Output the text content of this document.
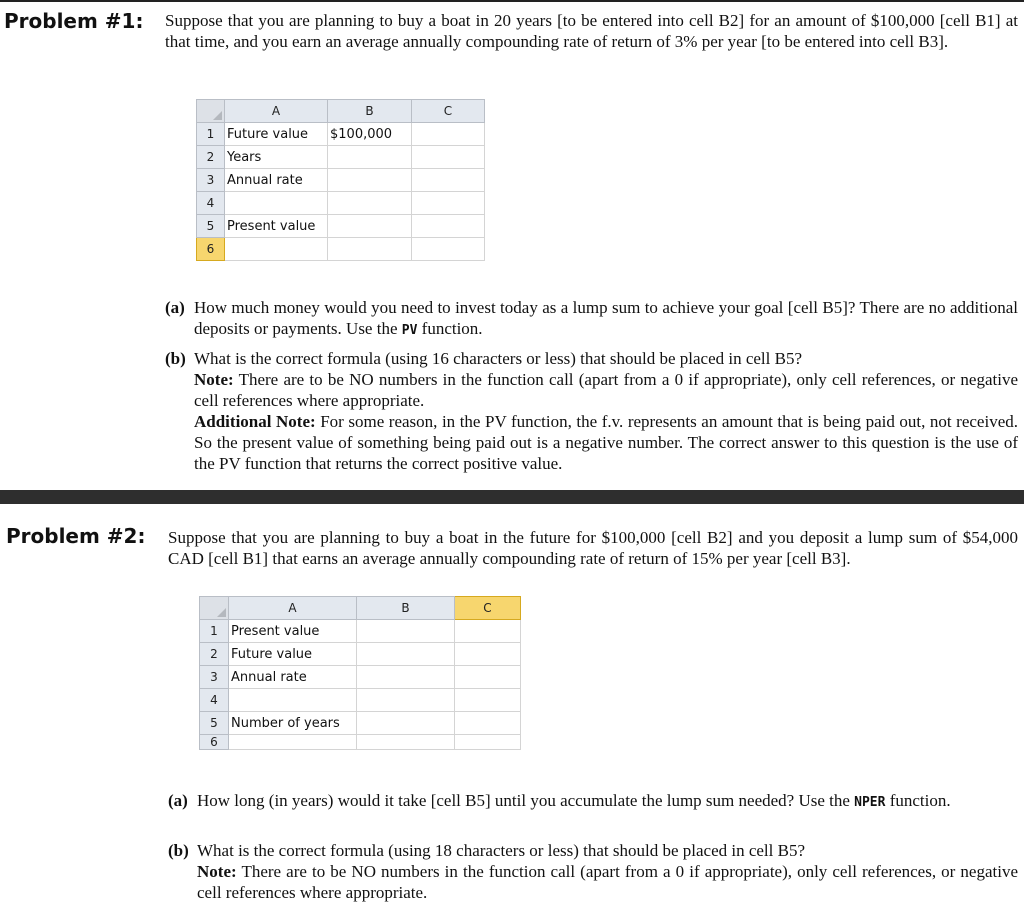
Problem #1: Suppose that you are planning to buy a boat in 20 years [to be entered into cell B2] for an amount of $100,000 [cell B1] at that time, and you earn an average annually compounding rate of return of 3% per year [to be entered into cell B3].

	A	B	C
1	Future value	$100,000	
2	Years		
3	Annual rate		
4			
5	Present value		
6			
(a) How much money would you need to invest today as a lump sum to achieve your goal [cell B5]? There are no additional deposits or payments. Use the PV function.
(b) What is the correct formula (using 16 characters or less) that should be placed in cell B5?
Note: There are to be NO numbers in the function call (apart from a 0 if appropriate), only cell references, or negative cell references where appropriate.
Additional Note: For some reason, in the PV function, the f.v. represents an amount that is being paid out, not received. So the present value of something being paid out is a negative number. The correct answer to this question is the use of the PV function that returns the correct positive value.
Problem #2: Suppose that you are planning to buy a boat in the future for $100,000 [cell B2] and you deposit a lump sum of $54,000 CAD [cell B1] that earns an average annually compounding rate of return of 15% per year [cell B3].

	A	B	C
1	Present value		
2	Future value		
3	Annual rate		
4			
5	Number of years		
6			
(a) How long (in years) would it take [cell B5] until you accumulate the lump sum needed? Use the NPER function.
(b) What is the correct formula (using 18 characters or less) that should be placed in cell B5?
Note: There are to be NO numbers in the function call (apart from a 0 if appropriate), only cell references, or negative cell references where appropriate.
